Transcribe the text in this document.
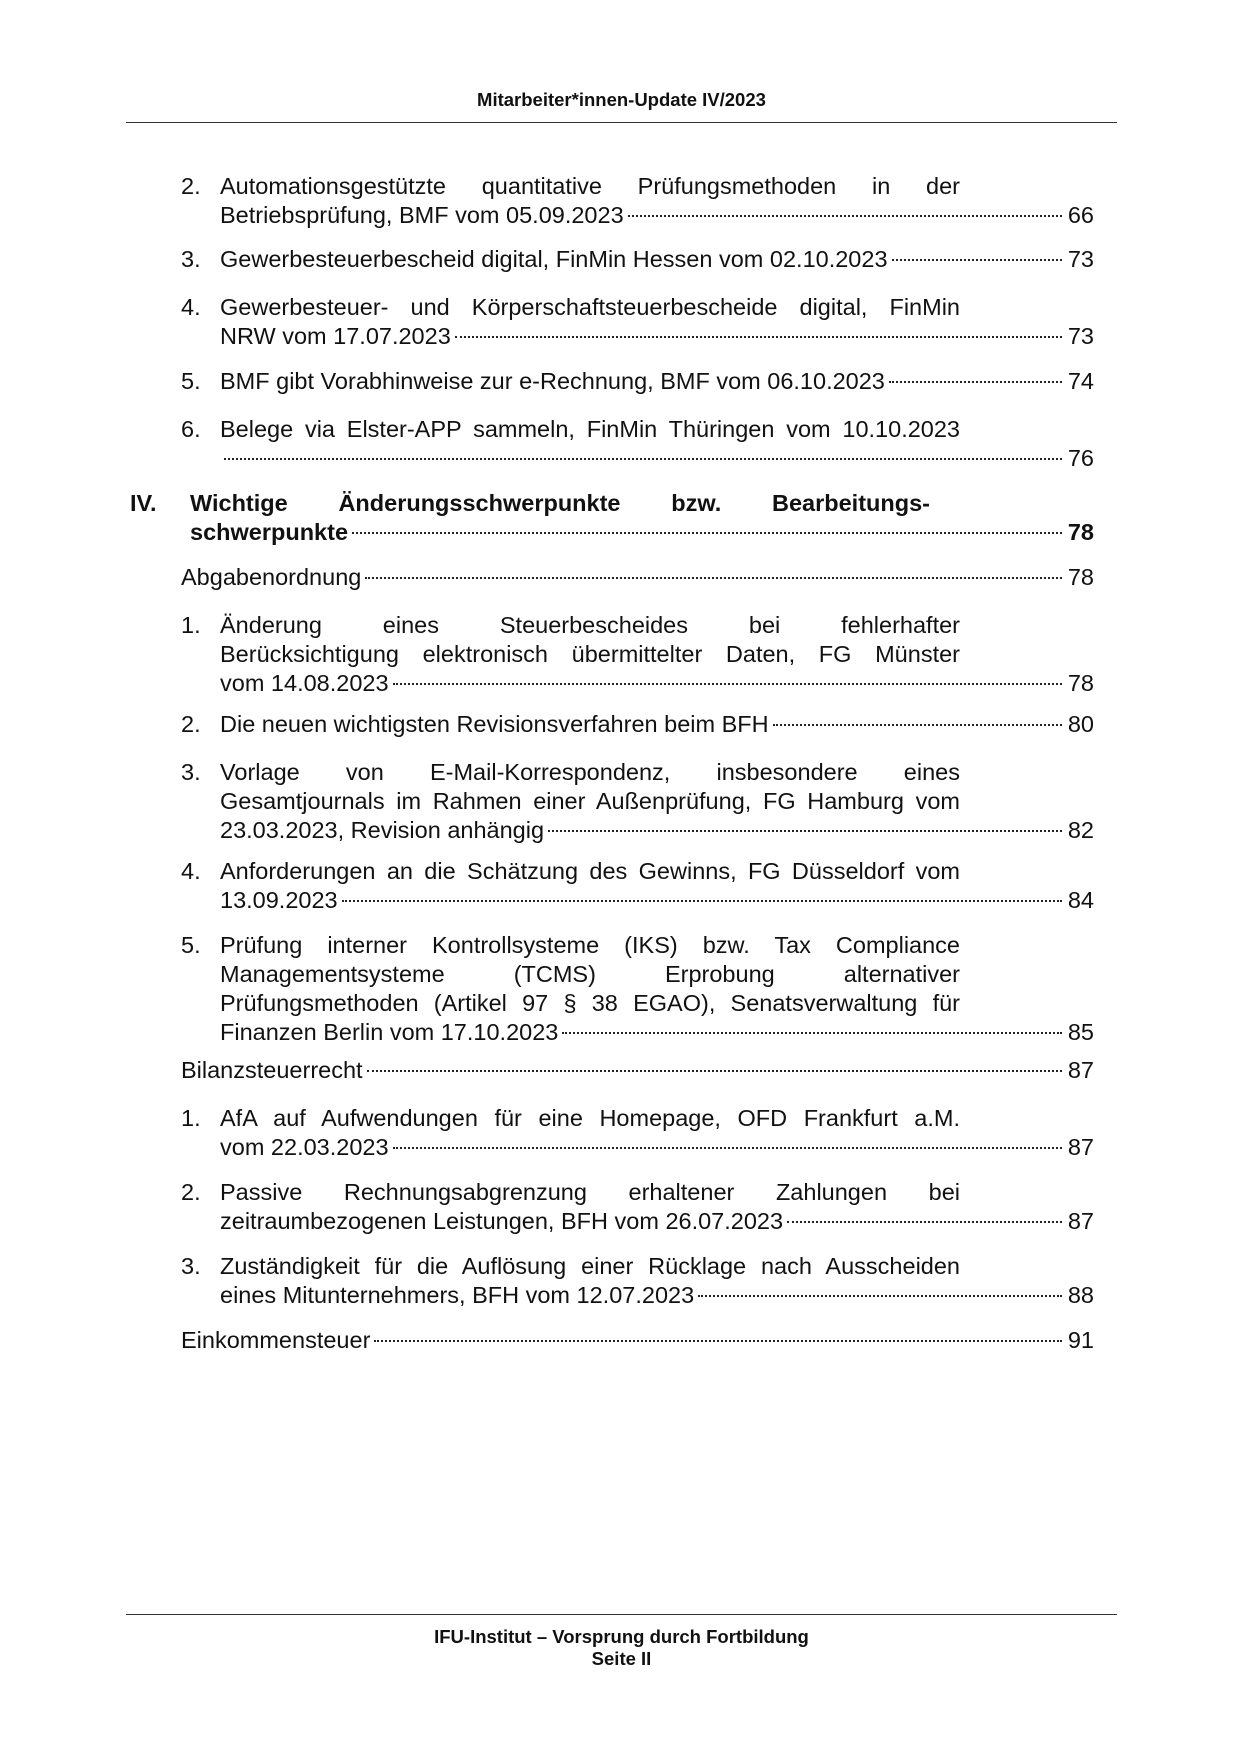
Mitarbeiter*innen-Update IV/2023
2. Automationsgestützte quantitative Prüfungsmethoden in der
Betriebsprüfung, BMF vom 05.09.2023	66
3. Gewerbesteuerbescheid digital, FinMin Hessen vom 02.10.2023	73
4. Gewerbesteuer- und Körperschaftsteuerbescheide digital, FinMin
NRW vom 17.07.2023	73
5. BMF gibt Vorabhinweise zur e-Rechnung, BMF vom 06.10.2023	74
6. Belege via Elster-APP sammeln, FinMin Thüringen vom 10.10.2023
76
IV. Wichtige Änderungsschwerpunkte bzw. Bearbeitungs-
schwerpunkte	78
Abgabenordnung	78
1. Änderung eines Steuerbescheides bei fehlerhafter
Berücksichtigung elektronisch übermittelter Daten, FG Münster
vom 14.08.2023	78
2. Die neuen wichtigsten Revisionsverfahren beim BFH	80
3. Vorlage von E-Mail-Korrespondenz, insbesondere eines
Gesamtjournals im Rahmen einer Außenprüfung, FG Hamburg vom
23.03.2023, Revision anhängig	82
4. Anforderungen an die Schätzung des Gewinns, FG Düsseldorf vom
13.09.2023	84
5. Prüfung interner Kontrollsysteme (IKS) bzw. Tax Compliance
Managementsysteme (TCMS) Erprobung alternativer
Prüfungsmethoden (Artikel 97 § 38 EGAO), Senatsverwaltung für
Finanzen Berlin vom 17.10.2023	85
Bilanzsteuerrecht	87
1. AfA auf Aufwendungen für eine Homepage, OFD Frankfurt a.M.
vom 22.03.2023	87
2. Passive Rechnungsabgrenzung erhaltener Zahlungen bei
zeitraumbezogenen Leistungen, BFH vom 26.07.2023	87
3. Zuständigkeit für die Auflösung einer Rücklage nach Ausscheiden
eines Mitunternehmers, BFH vom 12.07.2023	88
Einkommensteuer	91
IFU-Institut – Vorsprung durch Fortbildung
Seite II
